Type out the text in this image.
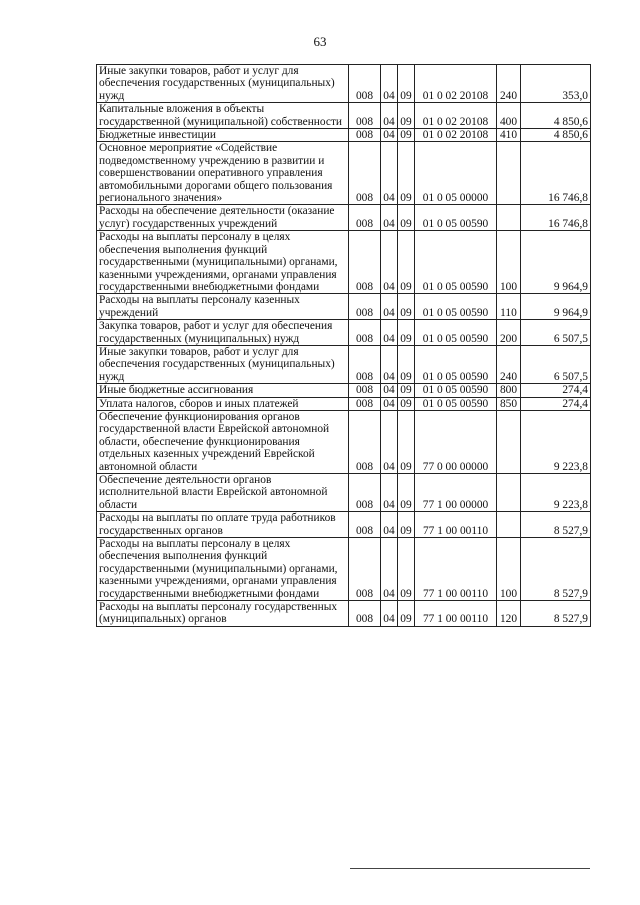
63
Иные закупки товаров, работ и услуг для обеспечения государственных (муниципальных) нужд	008	04	09	01 0 02 20108	240	353,0
Капитальные вложения в объекты государственной (муниципальной) собственности	008	04	09	01 0 02 20108	400	4 850,6
Бюджетные инвестиции	008	04	09	01 0 02 20108	410	4 850,6
Основное мероприятие «Содействие подведомственному учреждению в развитии и совершенствовании оперативного управления автомобильными дорогами общего пользования регионального значения»	008	04	09	01 0 05 00000		16 746,8
Расходы на обеспечение деятельности (оказание услуг) государственных учреждений	008	04	09	01 0 05 00590		16 746,8
Расходы на выплаты персоналу в целях обеспечения выполнения функций государственными (муниципальными) органами, казенными учреждениями, органами управления государственными внебюджетными фондами	008	04	09	01 0 05 00590	100	9 964,9
Расходы на выплаты персоналу казенных учреждений	008	04	09	01 0 05 00590	110	9 964,9
Закупка товаров, работ и услуг для обеспечения государственных (муниципальных) нужд	008	04	09	01 0 05 00590	200	6 507,5
Иные закупки товаров, работ и услуг для обеспечения государственных (муниципальных) нужд	008	04	09	01 0 05 00590	240	6 507,5
Иные бюджетные ассигнования	008	04	09	01 0 05 00590	800	274,4
Уплата налогов, сборов и иных платежей	008	04	09	01 0 05 00590	850	274,4
Обеспечение функционирования органов государственной власти Еврейской автономной области, обеспечение функционирования отдельных казенных учреждений Еврейской автономной области	008	04	09	77 0 00 00000		9 223,8
Обеспечение деятельности органов исполнительной власти Еврейской автономной области	008	04	09	77 1 00 00000		9 223,8
Расходы на выплаты по оплате труда работников государственных органов	008	04	09	77 1 00 00110		8 527,9
Расходы на выплаты персоналу в целях обеспечения выполнения функций государственными (муниципальными) органами, казенными учреждениями, органами управления государственными внебюджетными фондами	008	04	09	77 1 00 00110	100	8 527,9
Расходы на выплаты персоналу государственных (муниципальных) органов	008	04	09	77 1 00 00110	120	8 527,9
